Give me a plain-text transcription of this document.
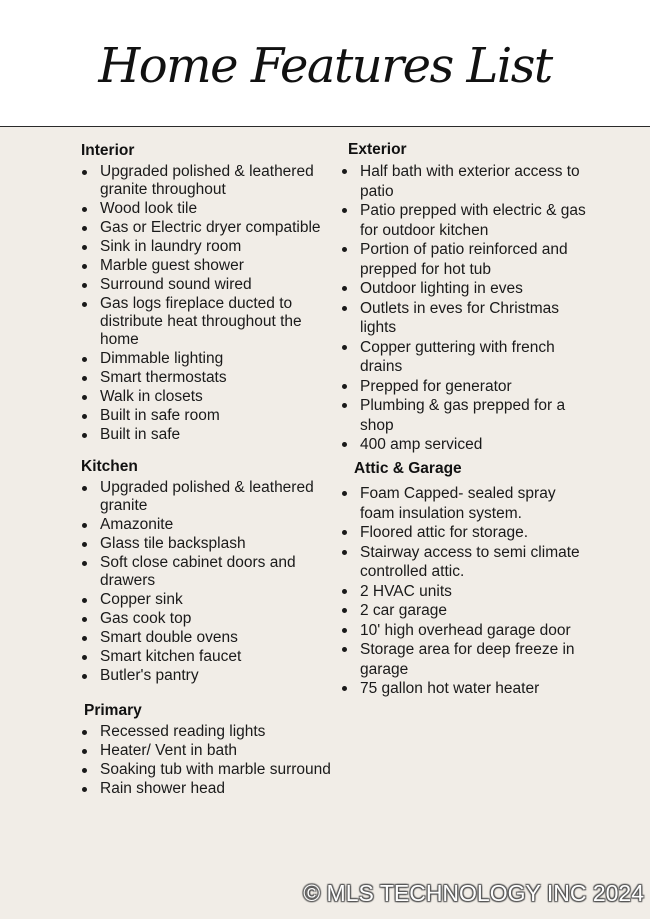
Home Features List
Interior
Upgraded polished & leathered granite throughout
Wood look tile
Gas or Electric dryer compatible
Sink in laundry room
Marble guest shower
Surround sound wired
Gas logs fireplace ducted to distribute heat throughout the home
Dimmable lighting
Smart thermostats
Walk in closets
Built in safe room
Built in safe
Kitchen
Upgraded polished & leathered granite
Amazonite
Glass tile backsplash
Soft close cabinet doors and drawers
Copper sink
Gas cook top
Smart double ovens
Smart kitchen faucet
Butler's pantry
Primary
Recessed reading lights
Heater/ Vent in bath
Soaking tub with marble surround
Rain shower head
Exterior
Half bath with exterior access to patio
Patio prepped with electric & gas for outdoor kitchen
Portion of patio reinforced and prepped for hot tub
Outdoor lighting in eves
Outlets in eves for Christmas lights
Copper guttering with french drains
Prepped for generator
Plumbing & gas prepped for a shop
400 amp serviced
Attic & Garage
Foam Capped- sealed spray foam insulation system.
Floored attic for storage.
Stairway access to semi climate controlled attic.
2 HVAC units
2 car garage
10' high overhead garage door
Storage area for deep freeze in garage
75 gallon hot water heater
© MLS TECHNOLOGY INC 2024
